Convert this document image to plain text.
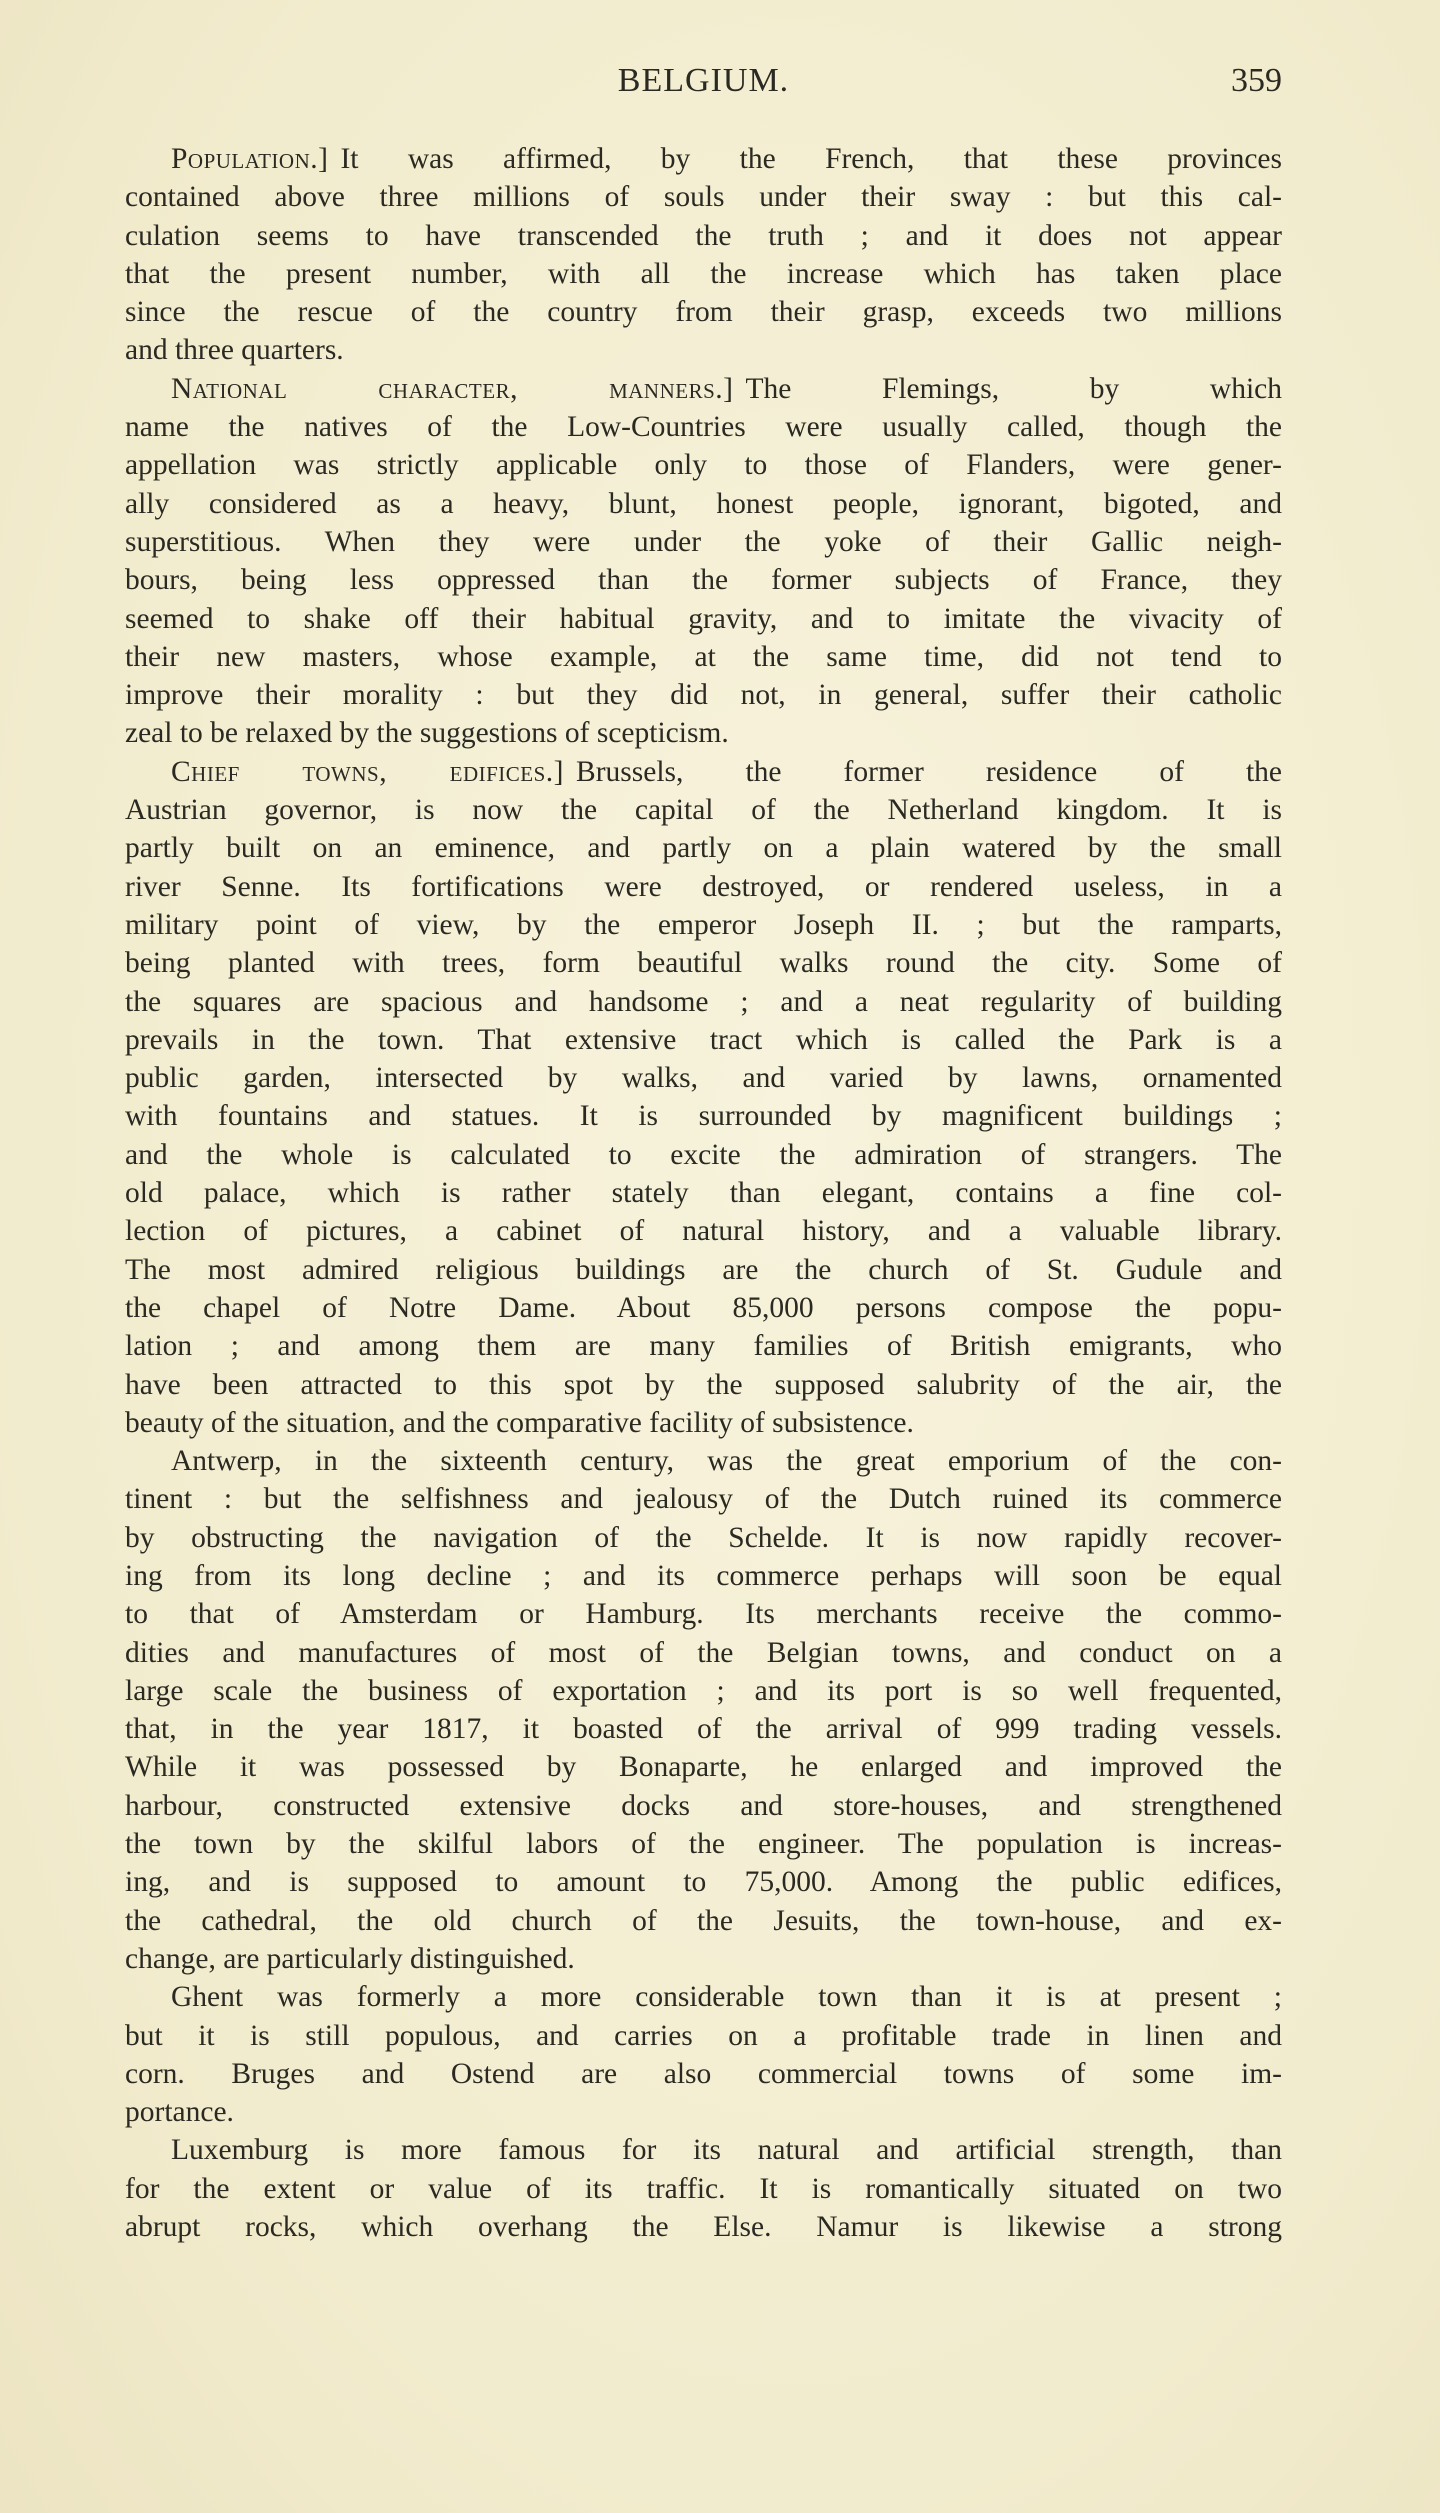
BELGIUM.	359
Population.] It was affirmed, by the French, that these provinces
contained above three millions of souls under their sway : but this cal-
culation seems to have transcended the truth ; and it does not appear
that the present number, with all the increase which has taken place
since the rescue of the country from their grasp, exceeds two millions
and three quarters.
National character, manners.] The Flemings, by which
name the natives of the Low-Countries were usually called, though the
appellation was strictly applicable only to those of Flanders, were gener-
ally considered as a heavy, blunt, honest people, ignorant, bigoted, and
superstitious. When they were under the yoke of their Gallic neigh-
bours, being less oppressed than the former subjects of France, they
seemed to shake off their habitual gravity, and to imitate the vivacity of
their new masters, whose example, at the same time, did not tend to
improve their morality : but they did not, in general, suffer their catholic
zeal to be relaxed by the suggestions of scepticism.
Chief towns, edifices.] Brussels, the former residence of the
Austrian governor, is now the capital of the Netherland kingdom. It is
partly built on an eminence, and partly on a plain watered by the small
river Senne. Its fortifications were destroyed, or rendered useless, in a
military point of view, by the emperor Joseph II. ; but the ramparts,
being planted with trees, form beautiful walks round the city. Some of
the squares are spacious and handsome ; and a neat regularity of building
prevails in the town. That extensive tract which is called the Park is a
public garden, intersected by walks, and varied by lawns, ornamented
with fountains and statues. It is surrounded by magnificent buildings ;
and the whole is calculated to excite the admiration of strangers. The
old palace, which is rather stately than elegant, contains a fine col-
lection of pictures, a cabinet of natural history, and a valuable library.
The most admired religious buildings are the church of St. Gudule and
the chapel of Notre Dame. About 85,000 persons compose the popu-
lation ; and among them are many families of British emigrants, who
have been attracted to this spot by the supposed salubrity of the air, the
beauty of the situation, and the comparative facility of subsistence.
Antwerp, in the sixteenth century, was the great emporium of the con-
tinent : but the selfishness and jealousy of the Dutch ruined its commerce
by obstructing the navigation of the Schelde. It is now rapidly recover-
ing from its long decline ; and its commerce perhaps will soon be equal
to that of Amsterdam or Hamburg. Its merchants receive the commo-
dities and manufactures of most of the Belgian towns, and conduct on a
large scale the business of exportation ; and its port is so well frequented,
that, in the year 1817, it boasted of the arrival of 999 trading vessels.
While it was possessed by Bonaparte, he enlarged and improved the
harbour, constructed extensive docks and store-houses, and strengthened
the town by the skilful labors of the engineer. The population is increas-
ing, and is supposed to amount to 75,000. Among the public edifices,
the cathedral, the old church of the Jesuits, the town-house, and ex-
change, are particularly distinguished.
Ghent was formerly a more considerable town than it is at present ;
but it is still populous, and carries on a profitable trade in linen and
corn. Bruges and Ostend are also commercial towns of some im-
portance.
Luxemburg is more famous for its natural and artificial strength, than
for the extent or value of its traffic. It is romantically situated on two
abrupt rocks, which overhang the Else. Namur is likewise a strong
